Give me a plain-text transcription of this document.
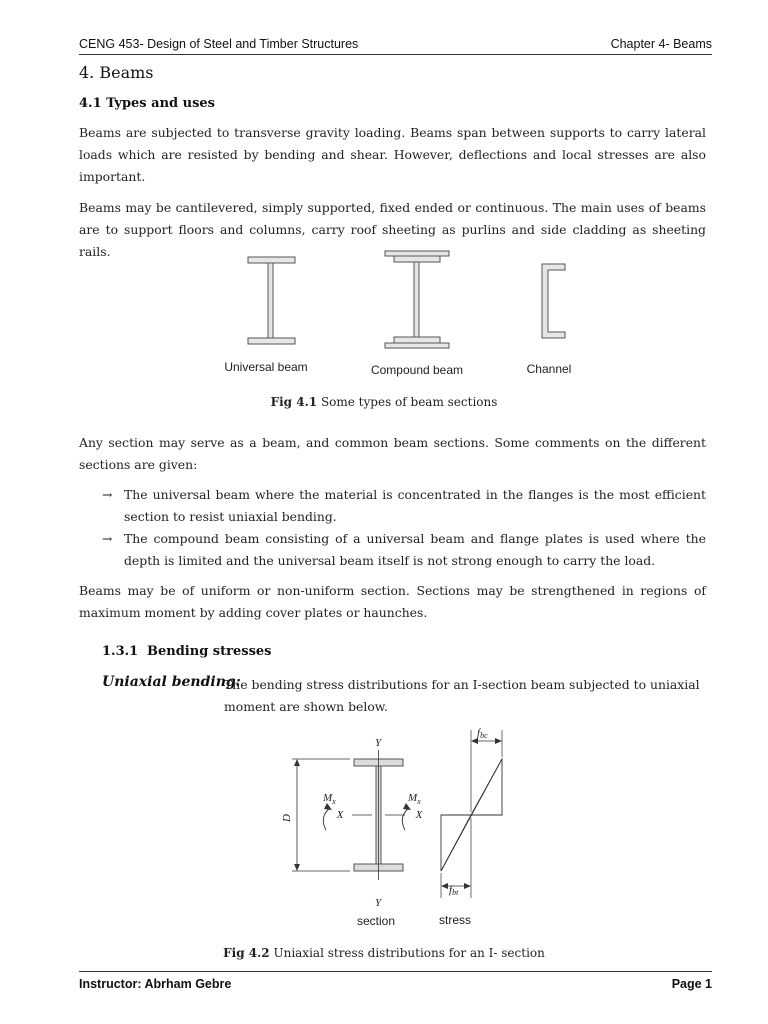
CENG 453- Design of Steel and Timber Structures	Chapter 4- Beams
4. Beams
4.1 Types and uses

Beams are subjected to transverse gravity loading. Beams span between supports to carry lateral loads which are resisted by bending and shear. However, deflections and local stresses are also important.

Beams may be cantilevered, simply supported, fixed ended or continuous. The main uses of beams are to support floors and columns, carry roof sheeting as purlins and side cladding as sheeting rails.

Universal beam	Compound beam	Channel
Fig 4.1 Some types of beam sections

Any section may serve as a beam, and common beam sections. Some comments on the different sections are given:

→ The universal beam where the material is concentrated in the flanges is the most efficient section to resist uniaxial bending.
→ The compound beam consisting of a universal beam and flange plates is used where the depth is limited and the universal beam itself is not strong enough to carry the load.

Beams may be of uniform or non-uniform section. Sections may be strengthened in regions of maximum moment by adding cover plates or haunches.

1.3.1 Bending stresses
Uniaxial bending:
The bending stress distributions for an I-section beam subjected to uniaxial moment are shown below.
D
Y
Y
X	X
$M_x$	$M_x$
fbc
fbt
section	stress
Fig 4.2 Uniaxial stress distributions for an I- section
Instructor: Abrham Gebre	Page 1
